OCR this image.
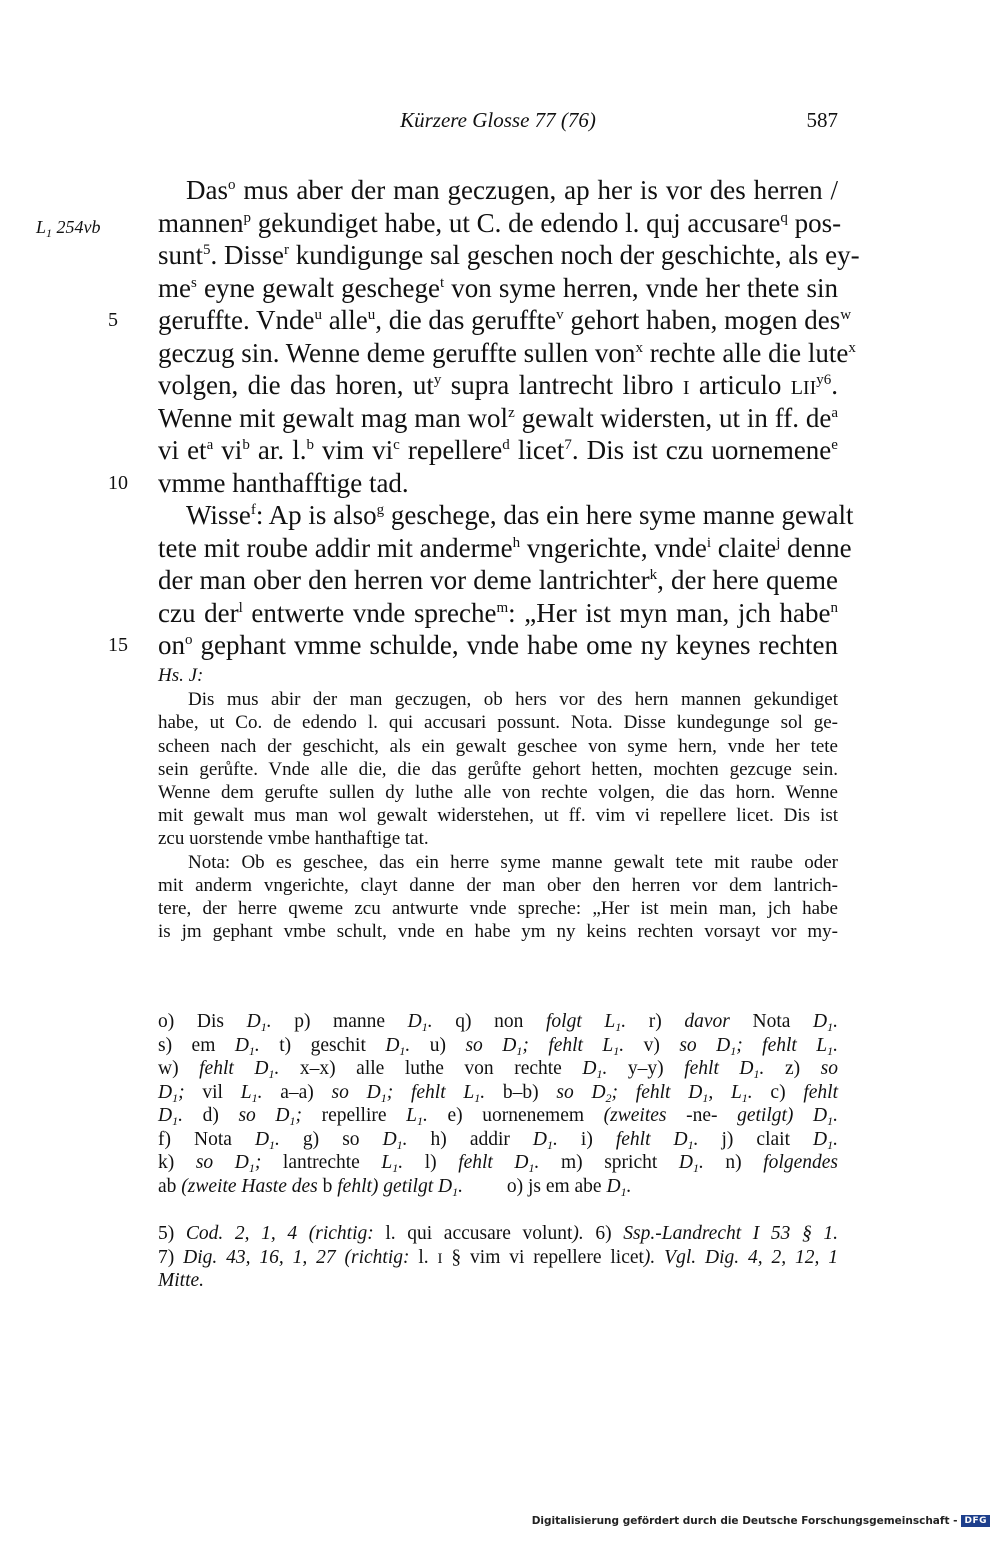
Kürzere Glosse 77 (76)	587
Das$^o$ mus aber der man geczugen, ap her is vor des herren /
$L_1$ 254vb mannen$^p$ gekundiget habe, ut C. de edendo l. quj accusare$^q$ pos-
sunt$^5$. Disse$^r$ kundigunge sal geschen noch der geschichte, als ey-
$me^s$ eyne gewalt geschege$^t$ von syme herren, vnde her thete sin
5	geruffte. Vnde$^u$ alle$^u$, die das geruffte$^v$ gehort haben, mogen des$^w$
geczug sin. Wenne deme geruffte sullen von$^x$ rechte alle die lute$^x$
volgen, die das horen, $ut^y$ supra lantrecht libro I articulo $LII^{y6}$.
Wenne mit gewalt mag man wol$^z$ gewalt widersten, ut in ff. $de^a$
vi $et^a$ $vi^b$ ar. l.$^b$ vim $vi^c$ repellere$^d$ licet$^7$. Dis ist czu uornemene$^e$
10 vmme hanthafftige tad.
Wisse$^f$: Ap is also$^g$ geschege, das ein here syme manne gewalt
tete mit roube addir mit anderme$^h$ vngerichte, vnde$^i$ claite$^j$ denne
der man ober den herren vor deme lantrichter$^k$, der here queme
czu der$^l$ entwerte vnde spreche$^m$: „Her ist myn man, jch habe$^n$
15 $on^o$ gephant vmme schulde, vnde habe ome ny keynes rechten
Hs. J:
Dis mus abir der man geczugen, ob hers vor des hern mannen gekundiget
habe, ut Co. de edendo l. qui accusari possunt. Nota. Disse kundegunge sol ge-
scheen nach der geschicht, als ein gewalt geschee von syme hern, vnde her tete
sein gerůfte. Vnde alle die, die das gerůfte gehort hetten, mochten gezcuge sein.
Wenne dem gerufte sullen dy luthe alle von rechte volgen, die das horn. Wenne
mit gewalt mus man wol gewalt widerstehen, ut ff. vim vi repellere licet. Dis ist
zcu uorstende vmbe hanthaftige tat.
Nota: Ob es geschee, das ein herre syme manne gewalt tete mit raube oder
mit anderm vngerichte, clayt danne der man ober den herren vor dem lantrich-
tere, der herre qweme zcu antwurte vnde spreche: „Her ist mein man, jch habe
is jm gephant vmbe schult, vnde en habe ym ny keins rechten vorsayt vor my-
o) Dis $D_1$. p) manne $D_1$. q) non folgt $L_1$. r) davor Nota $D_1$.
s) em $D_1$. t) geschit $D_1$. u) so $D_1$; fehlt $L_1$. v) so $D_1$; fehlt $L_1$.
w) fehlt $D_1$. x–x) alle luthe von rechte $D_1$. y–y) fehlt $D_1$. z) so
$D_1$; vil $L_1$. a–a) so $D_1$; fehlt $L_1$. b–b) so $D_2$; fehlt $D_1$, $L_1$. c) fehlt
$D_1$. d) so $D_1$; repellire $L_1$. e) uornenemem (zweites -ne- getilgt) $D_1$.
f) Nota $D_1$. g) so $D_1$. h) addir $D_1$. i) fehlt $D_1$. j) clait $D_1$.
k) so $D_1$; lantrechte $L_1$. l) fehlt $D_1$. m) spricht $D_1$. n) folgendes
ab (zweite Haste des b fehlt) getilgt $D_1$.         o) js em abe $D_1$.
5) Cod. 2, 1, 4 (richtig: l. qui accusare volunt). 6) Ssp.-Landrecht I 53 § 1.
7) Dig. 43, 16, 1, 27 (richtig: l. I § vim vi repellere licet). Vgl. Dig. 4, 2, 12, 1
Mitte.
Digitalisierung gefördert durch die Deutsche Forschungsgemeinschaft - DFG
